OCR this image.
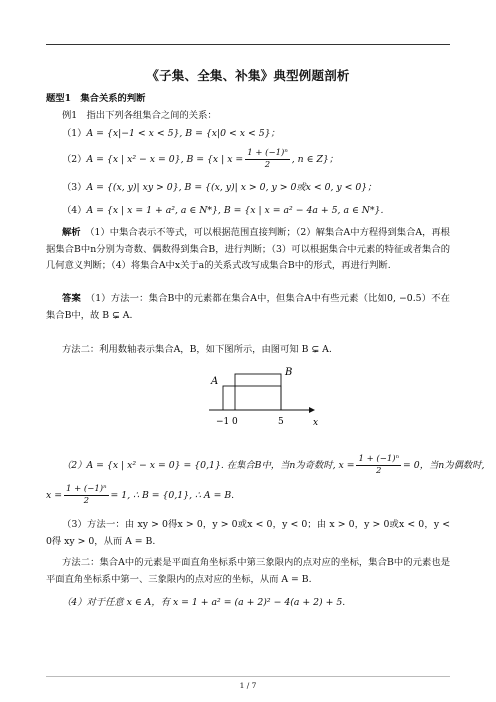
《子集、全集、补集》典型例题剖析
题型1　集合关系的判断
例1　指出下列各组集合之间的关系：
（1）A = {x|−1 < x < 5}, B = {x|0 < x < 5}；
（2）A = {x | x² − x = 0}, B = {x | $x = \frac{\text{1 + (−1)ⁿ}}{2}$ , n ∈ Z}；
（3）A = {(x, y)| xy > 0}, B = {(x, y)| x > 0, y > 0或x < 0, y < 0}；
（4）A = {x | x = 1 + a², a ∈ N*}, B = {x | x = a² − 4a + 5, a ∈ N*}.
解析　（1）中集合表示不等式，可以根据范围直接判断；（2）解集合A中方程得到集合A，再根据集合B中n分别为奇数、偶数得到集合B，进行判断；（3）可以根据集合中元素的特征或者集合的几何意义判断；（4）将集合A中x关于a的关系式改写成集合B中的形式，再进行判断.
答案　（1）方法一：集合B中的元素都在集合A中，但集合A中有些元素（比如0, −0.5）不在集合B中，故 B ⊊ A.
方法二：利用数轴表示集合A，B，如下图所示，由图可知 B ⊊ A.
A
B
−1 0	5	x
（2）A = {x | x² − x = 0} = {0,1}. 在集合B中，当n为奇数时, $x = \frac{\text{1 + (−1)ⁿ}}{2} = 0$，当n为偶数时,
$x = \frac{\text{1 + (−1)ⁿ}}{2} = 1$, ∴ B = {0,1}, ∴ A = B.
（3）方法一：由 xy > 0得x > 0，y > 0或x < 0，y < 0；由 x > 0，y > 0或x < 0，y < 0得 xy > 0，从而 A = B.
方法二：集合A中的元素是平面直角坐标系中第三象限内的点对应的坐标，集合B中的元素也是平面直角坐标系中第一、三象限内的点对应的坐标，从而 A = B.
（4）对于任意 x ∈ A，有 x = 1 + a² = (a + 2)² − 4(a + 2) + 5.
1 / 7
